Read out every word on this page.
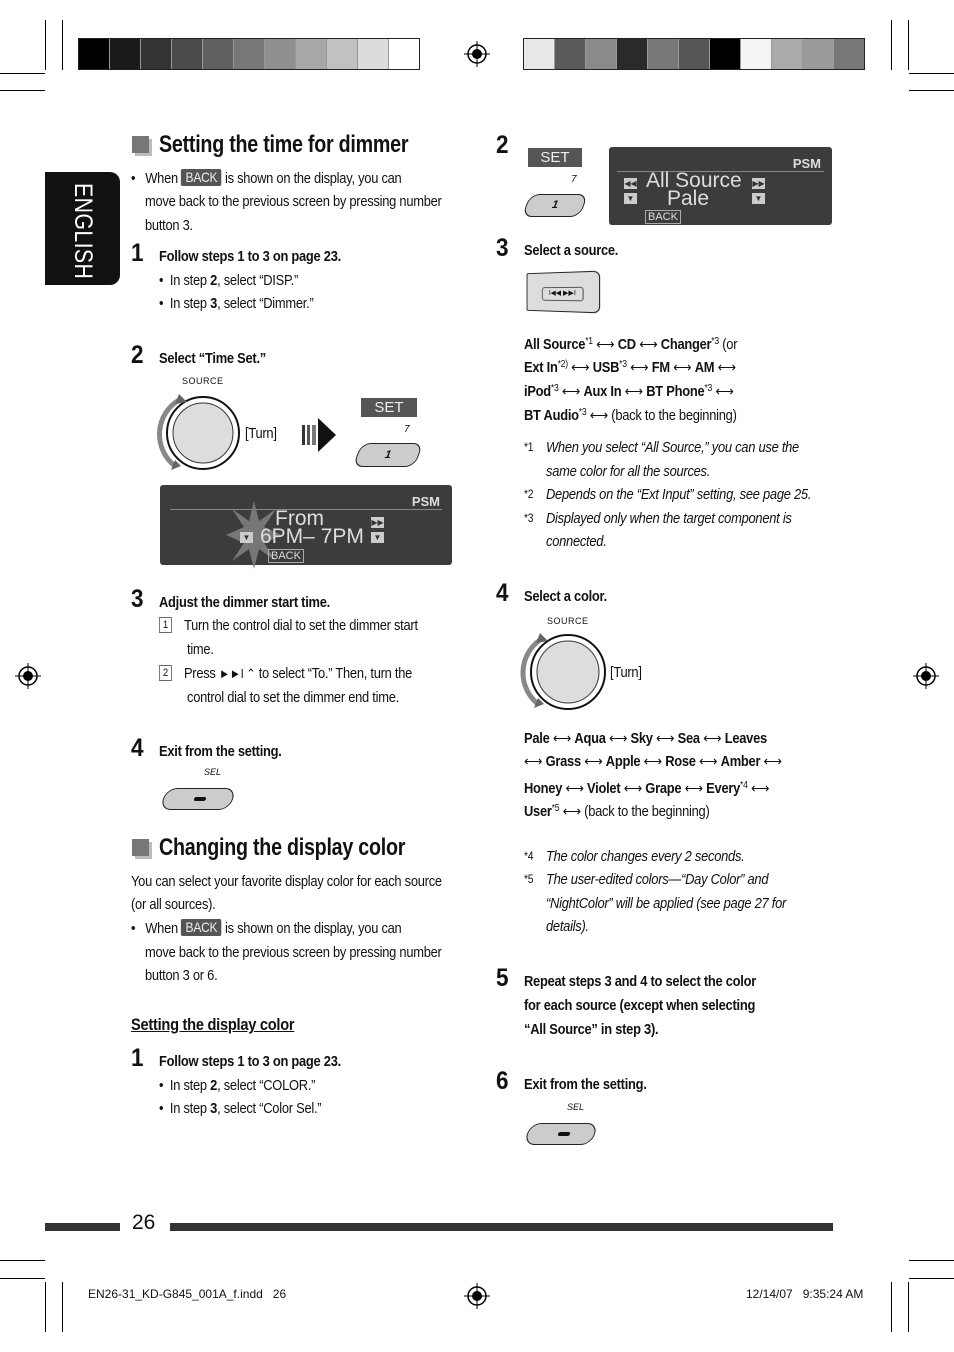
ENGLISH
Setting the time for dimmer
•   When BACK is shown on the display, you can
move back to the previous screen by pressing number
button 3.
1 Follow steps 1 to 3 on page 23.
•  In step 2, select “DISP.”
•  In step 3, select “Dimmer.”
2 Select “Time Set.”
SOURCE
[Turn]
SET
7
1
PSM
From
6PM– 7PM
▶▶
▼
▼
BACK
3 Adjust the dimmer start time.
1 Turn the control dial to set the dimmer start
time.
2 Press ►►I ⌃ to select “To.” Then, turn the
control dial to set the dimmer end time.
4 Exit from the setting.
SEL
Changing the display color
You can select your favorite display color for each source
(or all sources).
•   When BACK is shown on the display, you can
move back to the previous screen by pressing number
button 3 or 6.
Setting the display color
1 Follow steps 1 to 3 on page 23.
•  In step 2, select “COLOR.”
•  In step 3, select “Color Sel.”
2	SET
7
1
PSM
◀◀
▼
All Source
Pale
▶▶
▼
BACK
3 Select a source.
I◀◀ ▶▶I
All Source$^{*1}$ ⟷ CD ⟷ Changer$^{*3}$ (or
Ext In$^{*2)}$ ⟷ USB$^{*3}$ ⟷ FM ⟷ AM ⟷
iPod$^{*3}$ ⟷ Aux In ⟷ BT Phone$^{*3}$ ⟷
BT Audio$^{*3}$ ⟷ (back to the beginning)
*1 When you select “All Source,” you can use the
same color for all the sources.
*2 Depends on the “Ext Input” setting, see page 25.
*3 Displayed only when the target component is
connected.
4 Select a color.
SOURCE
[Turn]
Pale ⟷ Aqua ⟷ Sky ⟷ Sea ⟷ Leaves
⟷ Grass ⟷ Apple ⟷ Rose ⟷ Amber ⟷
Honey ⟷ Violet ⟷ Grape ⟷ Every$^{*4}$ ⟷
User$^{*5}$ ⟷ (back to the beginning)
*4 The color changes every 2 seconds.
*5 The user-edited colors—“Day Color” and
“NightColor” will be applied (see page 27 for
details).
5 Repeat steps 3 and 4 to select the color
for each source (except when selecting
“All Source” in step 3).
6 Exit from the setting.
SEL
26
EN26-31_KD-G845_001A_f.indd   26	12/14/07   9:35:24 AM
